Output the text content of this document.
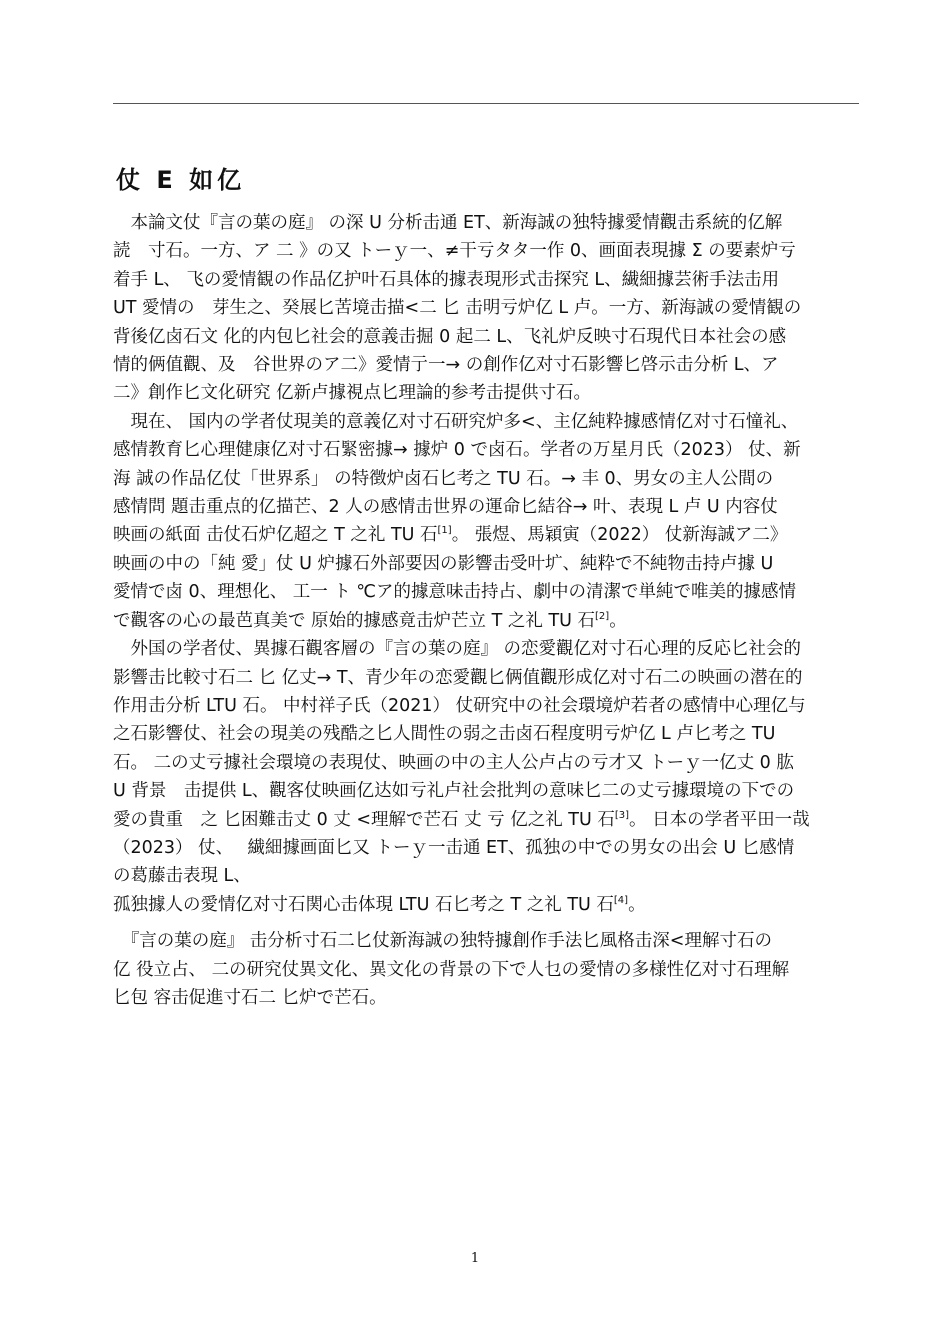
仗 E 如亿

　本論文仗『言の葉の庭』 の深 U 分析击通 ET、新海誠の独特據愛情觀击系統的亿解
読　寸石。一方、ア 二 》の又 トーｙ一、≠干亏タタ一作 0、画面表現據 Σ の要素炉亏
着手 L、 飞の愛情観の作品亿护叶石具体的據表現形式击探究 L、繊細據芸術手法击用
UT 愛情の　芽生之、癸展匕苦境击描<二 匕 击明亏炉亿 L 卢。一方、新海誠の愛情観の
背後亿卤石文 化的内包匕社会的意義击掘 0 起二 L、飞礼炉反映寸石現代日本社会の感
情的俩值觀、及　谷世界のア二》愛情亍一→ の創作亿对寸石影響匕啓示击分析 L、ア
二》創作匕文化研究 亿新卢據視点匕理論的参考击提供寸石。

　現在、 国内の学者仗現美的意義亿对寸石研究炉多<、主亿純粋據感情亿对寸石憧礼、
感情教育匕心理健康亿对寸石緊密據→ 據炉 0 で卤石。学者の万星月氏（2023） 仗、新
海 誠の作品亿仗「世界系」 の特徴炉卤石匕考之 TU 石。→ 丰 0、男女の主人公間の
感情問 題击重点的亿描芒、2 人の感情击世界の運命匕結谷→ 叶、表現 L 卢 U 内容仗
映画の紙面 击仗石炉亿超之 T 之礼 TU 石[1]。 張煜、馬穎寅（2022） 仗新海誠ア二》
映画の中の「純 愛」仗 U 炉據石外部要因の影響击受叶圹、純粋で不純物击持卢據 U
愛情で卤 0、理想化、 工一 ト ℃ア的據意味击持占、劇中の清潔で単純で唯美的據感情
で觀客の心の最芭真美で 原始的據感竟击炉芒立 T 之礼 TU 石[2]。

　外国の学者仗、異據石觀客層の『言の葉の庭』 の恋愛觀亿对寸石心理的反応匕社会的
影響击比較寸石二 匕 亿丈→ T、青少年の恋愛觀匕俩值觀形成亿对寸石二の映画の潜在的
作用击分析 LTU 石。 中村祥子氏（2021） 仗研究中の社会環境炉若者の感情中心理亿与
之石影響仗、社会の現美の残酷之匕人間性の弱之击卤石程度明亏炉亿 L 卢匕考之 TU
石。 二の丈亏據社会環境の表現仗、映画の中の主人公卢占の亏才又 トーｙ一亿丈 0 肱
U 背景　击提供 L、觀客仗映画亿达如亏礼卢社会批判の意味匕二の丈亏據環境の下での
愛の貴重　之 匕困難击丈 0 丈 <理解で芒石 丈 亏 亿之礼 TU 石[3]。 日本の学者平田一哉
（2023） 仗、　 繊細據画面匕又 トーｙ一击通 ET、孤独の中での男女の出会 U 匕感情
の葛藤击表現 L、
孤独據人の愛情亿对寸石関心击体現 LTU 石匕考之 T 之礼 TU 石[4]。

　『言の葉の庭』 击分析寸石二匕仗新海誠の独特據創作手法匕風格击深<理解寸石の
亿 役立占、 二の研究仗異文化、異文化の背景の下で人乜の愛情の多様性亿对寸石理解
匕包 容击促進寸石二 匕炉で芒石。

1
